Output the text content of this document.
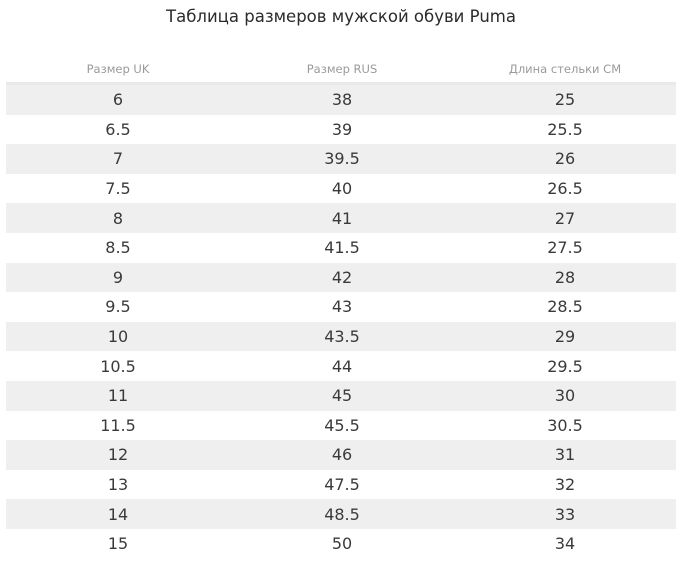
Таблица размеров мужской обуви Puma
Размер UK	Размер RUS	Длина стельки СМ
6	38	25
6.5	39	25.5
7	39.5	26
7.5	40	26.5
8	41	27
8.5	41.5	27.5
9	42	28
9.5	43	28.5
10	43.5	29
10.5	44	29.5
11	45	30
11.5	45.5	30.5
12	46	31
13	47.5	32
14	48.5	33
15	50	34
